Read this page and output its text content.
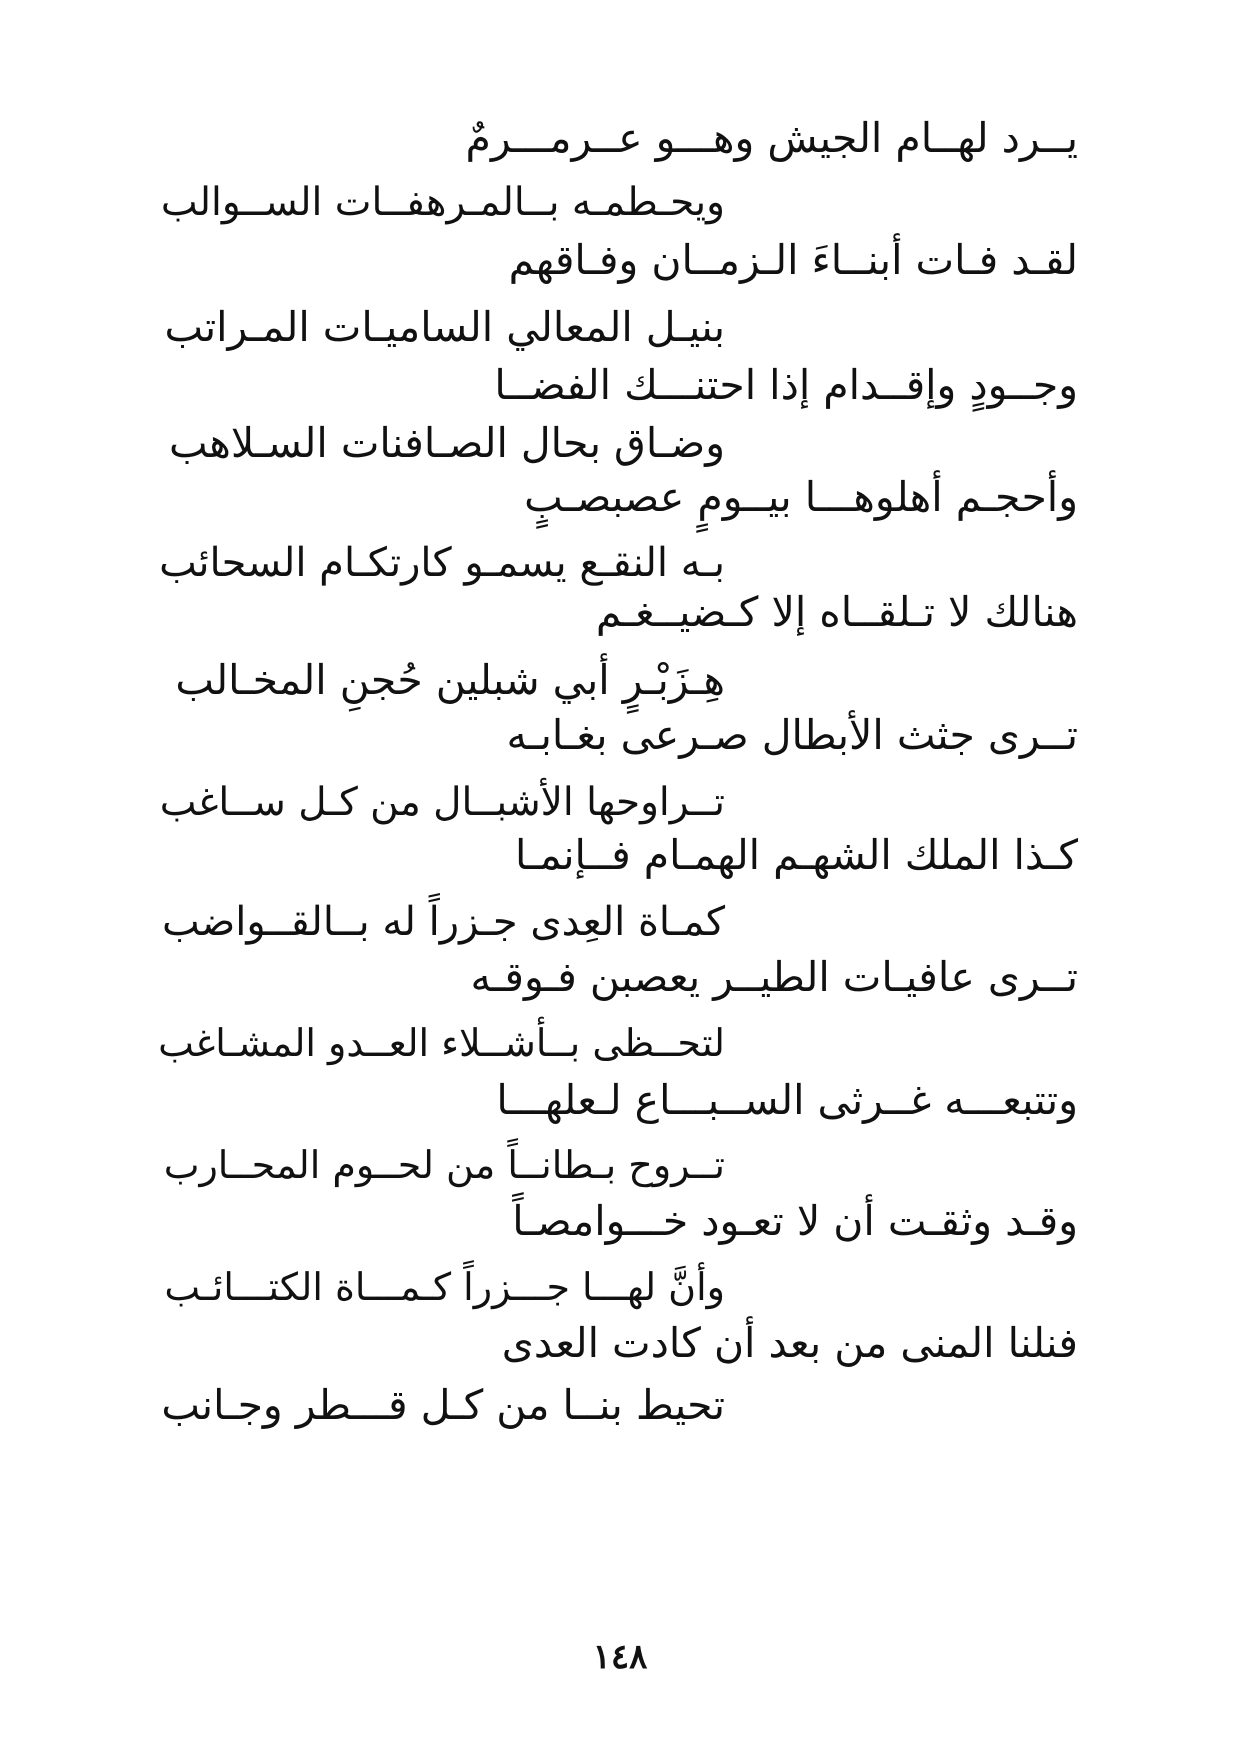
يــرد لهــام الجيش وهـــو عــرمـــرمٌ
ويحـطمـه بــالمـرهفــات الســوالب
لقـد فـات أبنــاءَ الـزمــان وفـاقهم
بنيـل المعالي الساميـات المـراتب
وجــودٍ وإقــدام إذا احتنـــك الفضــا
وضـاق بحال الصـافنات السـلاهب
وأحجـم أهلوهـــا بيــومٍ عصبصـبٍ
بـه النقـع يسمـو كارتكـام السحائب
هنالك لا تـلقــاه إلا كـضيــغـم
هِـزَبْـرٍ أبي شبلين حُجنِ المخـالب
تــرى جثث الأبطال صـرعى بغـابـه
تــراوحها الأشبــال من كـل ســاغب
كـذا الملك الشهـم الهمـام فــإنمـا
كمـاة العِدى جـزراً له بــالقــواضب
تــرى عافيـات الطيــر يعصبن فـوقـه
لتحــظى بــأشــلاء العــدو المشـاغب
وتتبعـــه غــرثى الســبـــاع لـعلهـــا
تــروح بـطانــاً من لحــوم المحــارب
وقـد وثقـت أن لا تعـود خـــوامصـاً
وأنَّ لهـــا جـــزراً كـمـــاة الكتـــائـب
فنلنا المنى من بعد أن كادت العدى
تحيط بنــا من كـل قـــطر وجـانب
١٤٨
